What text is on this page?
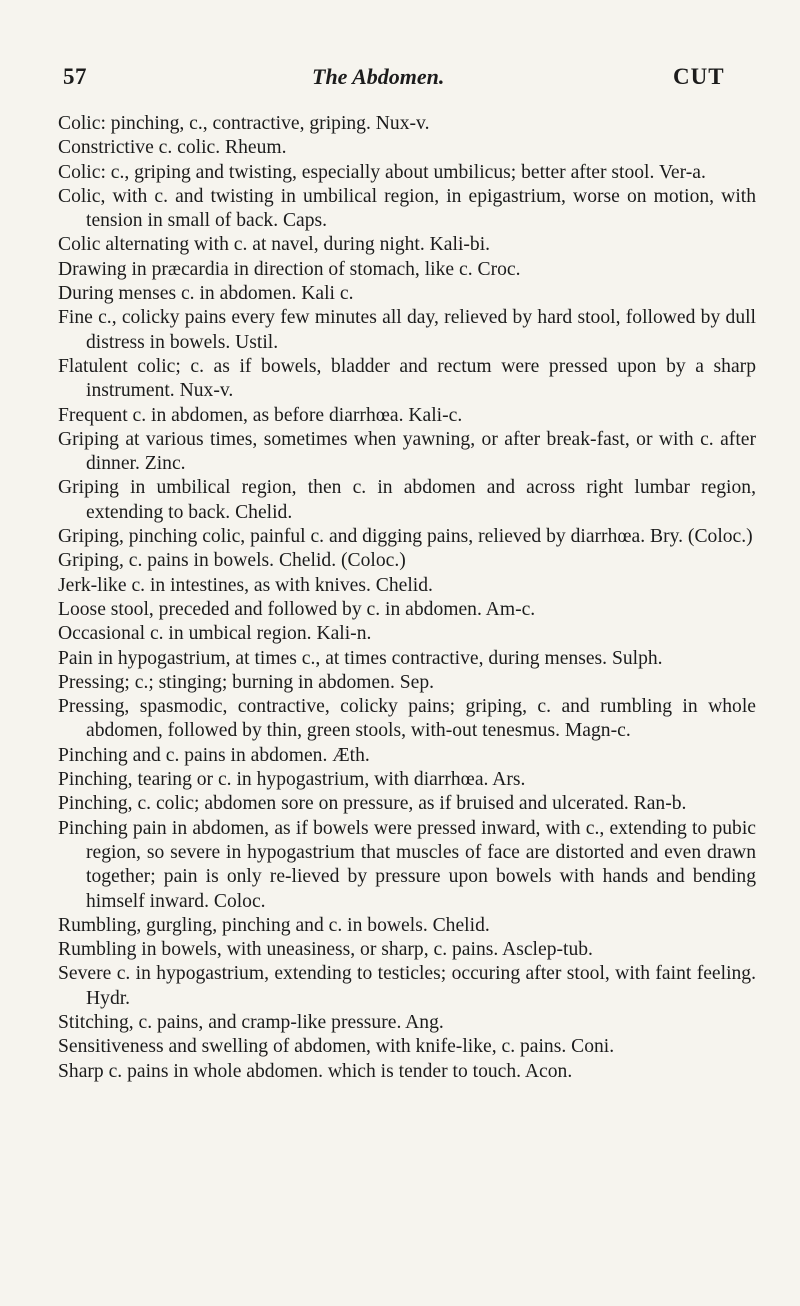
57	The Abdomen.	CUT
Colic: pinching, c., contractive, griping. Nux-v.
Constrictive c. colic. Rheum.
Colic: c., griping and twisting, especially about umbilicus; better after stool. Ver-a.
Colic, with c. and twisting in umbilical region, in epigastrium, worse on motion, with tension in small of back. Caps.
Colic alternating with c. at navel, during night. Kali-bi.
Drawing in præcardia in direction of stomach, like c. Croc.
During menses c. in abdomen. Kali c.
Fine c., colicky pains every few minutes all day, relieved by hard stool, followed by dull distress in bowels. Ustil.
Flatulent colic; c. as if bowels, bladder and rectum were pressed upon by a sharp instrument. Nux-v.
Frequent c. in abdomen, as before diarrhœa. Kali-c.
Griping at various times, sometimes when yawning, or after break-fast, or with c. after dinner. Zinc.
Griping in umbilical region, then c. in abdomen and across right lumbar region, extending to back. Chelid.
Griping, pinching colic, painful c. and digging pains, relieved by diarrhœa. Bry. (Coloc.)
Griping, c. pains in bowels. Chelid. (Coloc.)
Jerk-like c. in intestines, as with knives. Chelid.
Loose stool, preceded and followed by c. in abdomen. Am-c.
Occasional c. in umbical region. Kali-n.
Pain in hypogastrium, at times c., at times contractive, during menses. Sulph.
Pressing; c.; stinging; burning in abdomen. Sep.
Pressing, spasmodic, contractive, colicky pains; griping, c. and rumbling in whole abdomen, followed by thin, green stools, with-out tenesmus. Magn-c.
Pinching and c. pains in abdomen. Æth.
Pinching, tearing or c. in hypogastrium, with diarrhœa. Ars.
Pinching, c. colic; abdomen sore on pressure, as if bruised and ulcerated. Ran-b.
Pinching pain in abdomen, as if bowels were pressed inward, with c., extending to pubic region, so severe in hypogastrium that muscles of face are distorted and even drawn together; pain is only re-lieved by pressure upon bowels with hands and bending himself inward. Coloc.
Rumbling, gurgling, pinching and c. in bowels. Chelid.
Rumbling in bowels, with uneasiness, or sharp, c. pains. Asclep-tub.
Severe c. in hypogastrium, extending to testicles; occuring after stool, with faint feeling. Hydr.
Stitching, c. pains, and cramp-like pressure. Ang.
Sensitiveness and swelling of abdomen, with knife-like, c. pains. Coni.
Sharp c. pains in whole abdomen. which is tender to touch. Acon.
